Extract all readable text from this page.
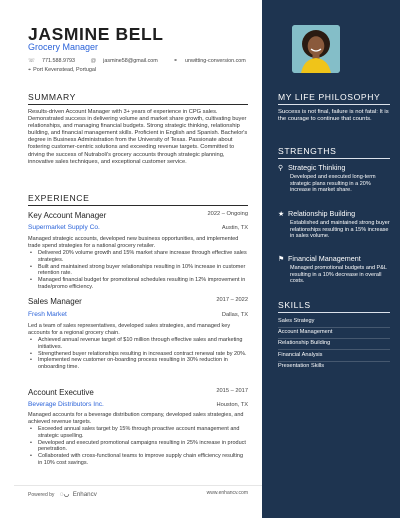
JASMINE BELL
Grocery Manager
☏ 771.588.9793	@ jasmine58@gmail.com	⚭ unwitting-conversion.com
⌖ Port Kevenstead, Portugal
SUMMARY
Results-driven Account Manager with 3+ years of experience in CPG sales. Demonstrated success in delivering volume and market share growth, cultivating buyer relationships, and managing financial budgets. Strong strategic thinking, relationship building, and financial management skills. Proficient in English and Spanish. Bachelor's degree in Business Administration from the University of Texas. Passionate about fostering customer-centric solutions and exceeding revenue targets. Committed to driving the success of Nutraboli's grocery accounts through strategic planning, innovative sales techniques, and exceptional customer service.
EXPERIENCE
Key Account Manager	2022 – Ongoing
Supermarket Supply Co.	Austin, TX
Managed strategic accounts, developed new business opportunities, and implemented trade spend strategies for a national grocery retailer.
• Delivered 20% volume growth and 15% market share increase through effective sales strategies.
• Built and maintained strong buyer relationships resulting in 10% increase in customer retention rate.
• Managed financial budget for promotional schedules resulting in 12% improvement in trade/promo efficiency.
Sales Manager	2017 – 2022
Fresh Market	Dallas, TX
Led a team of sales representatives, developed sales strategies, and managed key accounts for a regional grocery chain.
• Achieved annual revenue target of $10 million through effective sales and marketing initiatives.
• Strengthened buyer relationships resulting in increased contract renewal rate by 20%.
• Implemented new customer on-boarding process resulting in 30% reduction in onboarding time.
Account Executive	2015 – 2017
Beverage Distributors Inc.	Houston, TX
Managed accounts for a beverage distribution company, developed sales strategies, and achieved revenue targets.
• Exceeded annual sales target by 15% through proactive account management and strategic upselling.
• Developed and executed promotional campaigns resulting in 25% increase in product penetration.
• Collaborated with cross-functional teams to improve supply chain efficiency resulting in 10% cost savings.
Powered by ◌◡ Enhancv	www.enhancv.com
MY LIFE PHILOSOPHY
Success is not final, failure is not fatal: It is the courage to continue that counts.
STRENGTHS
⚲ Strategic Thinking
Developed and executed long-term strategic plans resulting in a 20% increase in market share.
★ Relationship Building
Established and maintained strong buyer relationships resulting in a 15% increase in sales volume.
⚑ Financial Management
Managed promotional budgets and P&L resulting in a 10% decrease in overall costs.
SKILLS
Sales Strategy
Account Management
Relationship Building
Financial Analysis
Presentation Skills
